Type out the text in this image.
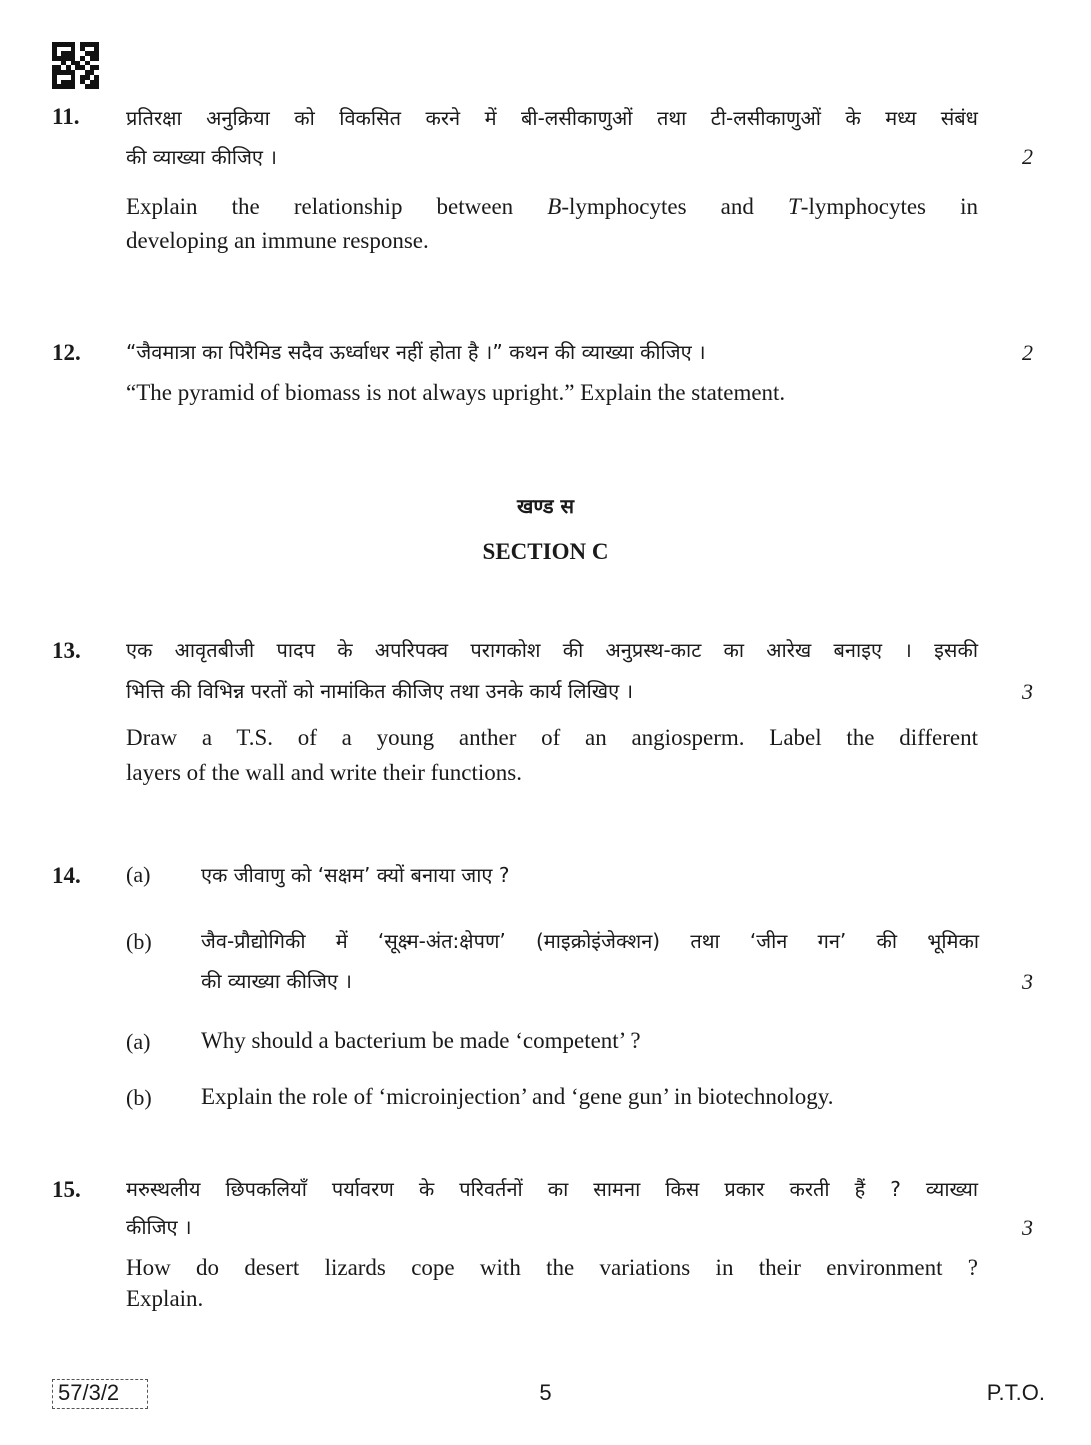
11. प्रतिरक्षा अनुक्रिया को विकसित करने में बी-लसीकाणुओं तथा टी-लसीकाणुओं के मध्य संबंध
की व्याख्या कीजिए ।	2
Explain the relationship between B-lymphocytes and T-lymphocytes in
developing an immune response.
12. “जैवमात्रा का पिरैमिड सदैव ऊर्ध्वाधर नहीं होता है ।” कथन की व्याख्या कीजिए ।	2
“The pyramid of biomass is not always upright.” Explain the statement.
खण्ड स
SECTION C
13. एक आवृतबीजी पादप के अपरिपक्व परागकोश की अनुप्रस्थ-काट का आरेख बनाइए । इसकी
भित्ति की विभिन्न परतों को नामांकित कीजिए तथा उनके कार्य लिखिए ।	3
Draw a T.S. of a young anther of an angiosperm. Label the different
layers of the wall and write their functions.
14. (a)	एक जीवाणु को ‘सक्षम’ क्यों बनाया जाए ?
(b) जैव-प्रौद्योगिकी में ‘सूक्ष्म-अंत:क्षेपण’ (माइक्रोइंजेक्शन) तथा ‘जीन गन’ की भूमिका
की व्याख्या कीजिए ।	3
(a) Why should a bacterium be made ‘competent’ ?
(b) Explain the role of ‘microinjection’ and ‘gene gun’ in biotechnology.
15. मरुस्थलीय छिपकलियाँ पर्यावरण के परिवर्तनों का सामना किस प्रकार करती हैं ? व्याख्या
कीजिए ।	3
How do desert lizards cope with the variations in their environment ?
Explain.
57/3/2	5	P.T.O.
